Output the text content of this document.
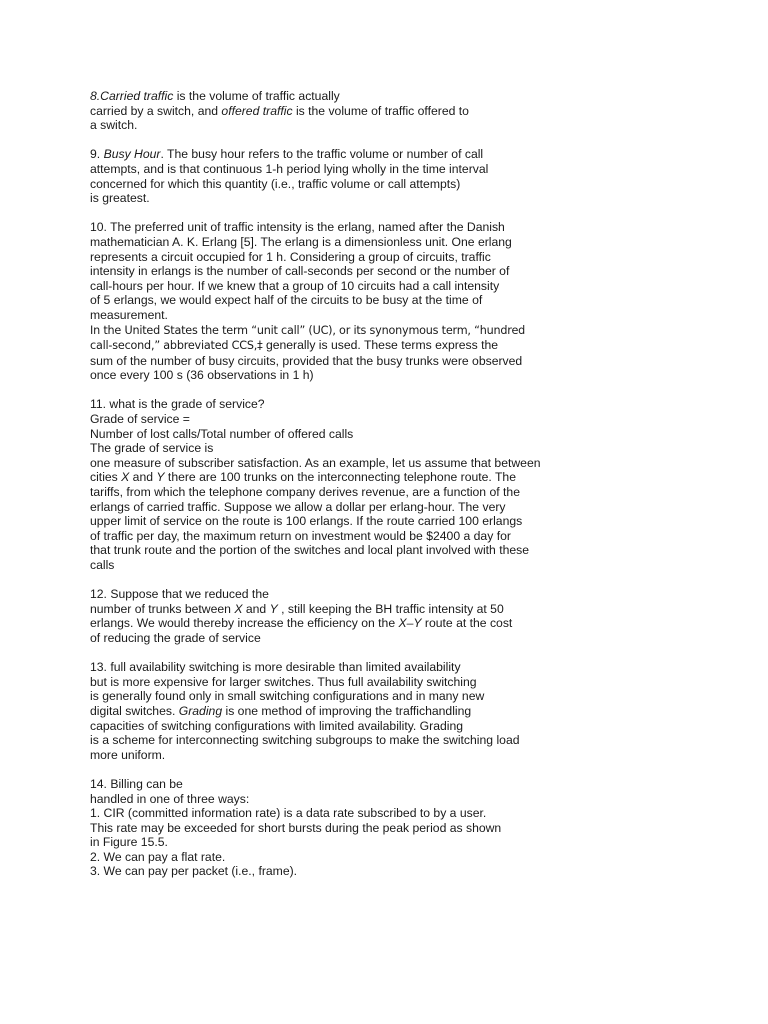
8.Carried traffic is the volume of traffic actually
carried by a switch, and offered traffic is the volume of traffic offered to
a switch.
9. Busy Hour. The busy hour refers to the traffic volume or number of call
attempts, and is that continuous 1-h period lying wholly in the time interval
concerned for which this quantity (i.e., traffic volume or call attempts)
is greatest.
10. The preferred unit of traffic intensity is the erlang, named after the Danish
mathematician A. K. Erlang [5]. The erlang is a dimensionless unit. One erlang
represents a circuit occupied for 1 h. Considering a group of circuits, traffic
intensity in erlangs is the number of call-seconds per second or the number of
call-hours per hour. If we knew that a group of 10 circuits had a call intensity
of 5 erlangs, we would expect half of the circuits to be busy at the time of
measurement.
In the United States the term “unit call” (UC), or its synonymous term, “hundred
call-second,” abbreviated CCS,‡ generally is used. These terms express the
sum of the number of busy circuits, provided that the busy trunks were observed
once every 100 s (36 observations in 1 h)
11. what is the grade of service?
Grade of service =
Number of lost calls/Total number of offered calls
The grade of service is
one measure of subscriber satisfaction. As an example, let us assume that between
cities X and Y there are 100 trunks on the interconnecting telephone route. The
tariffs, from which the telephone company derives revenue, are a function of the
erlangs of carried traffic. Suppose we allow a dollar per erlang-hour. The very
upper limit of service on the route is 100 erlangs. If the route carried 100 erlangs
of traffic per day, the maximum return on investment would be $2400 a day for
that trunk route and the portion of the switches and local plant involved with these
calls
12. Suppose that we reduced the
number of trunks between X and Y , still keeping the BH traffic intensity at 50
erlangs. We would thereby increase the efficiency on the X–Y route at the cost
of reducing the grade of service
13. full availability switching is more desirable than limited availability
but is more expensive for larger switches. Thus full availability switching
is generally found only in small switching configurations and in many new
digital switches. Grading is one method of improving the traffichandling
capacities of switching configurations with limited availability. Grading
is a scheme for interconnecting switching subgroups to make the switching load
more uniform.
14. Billing can be
handled in one of three ways:
1. CIR (committed information rate) is a data rate subscribed to by a user.
This rate may be exceeded for short bursts during the peak period as shown
in Figure 15.5.
2. We can pay a flat rate.
3. We can pay per packet (i.e., frame).
